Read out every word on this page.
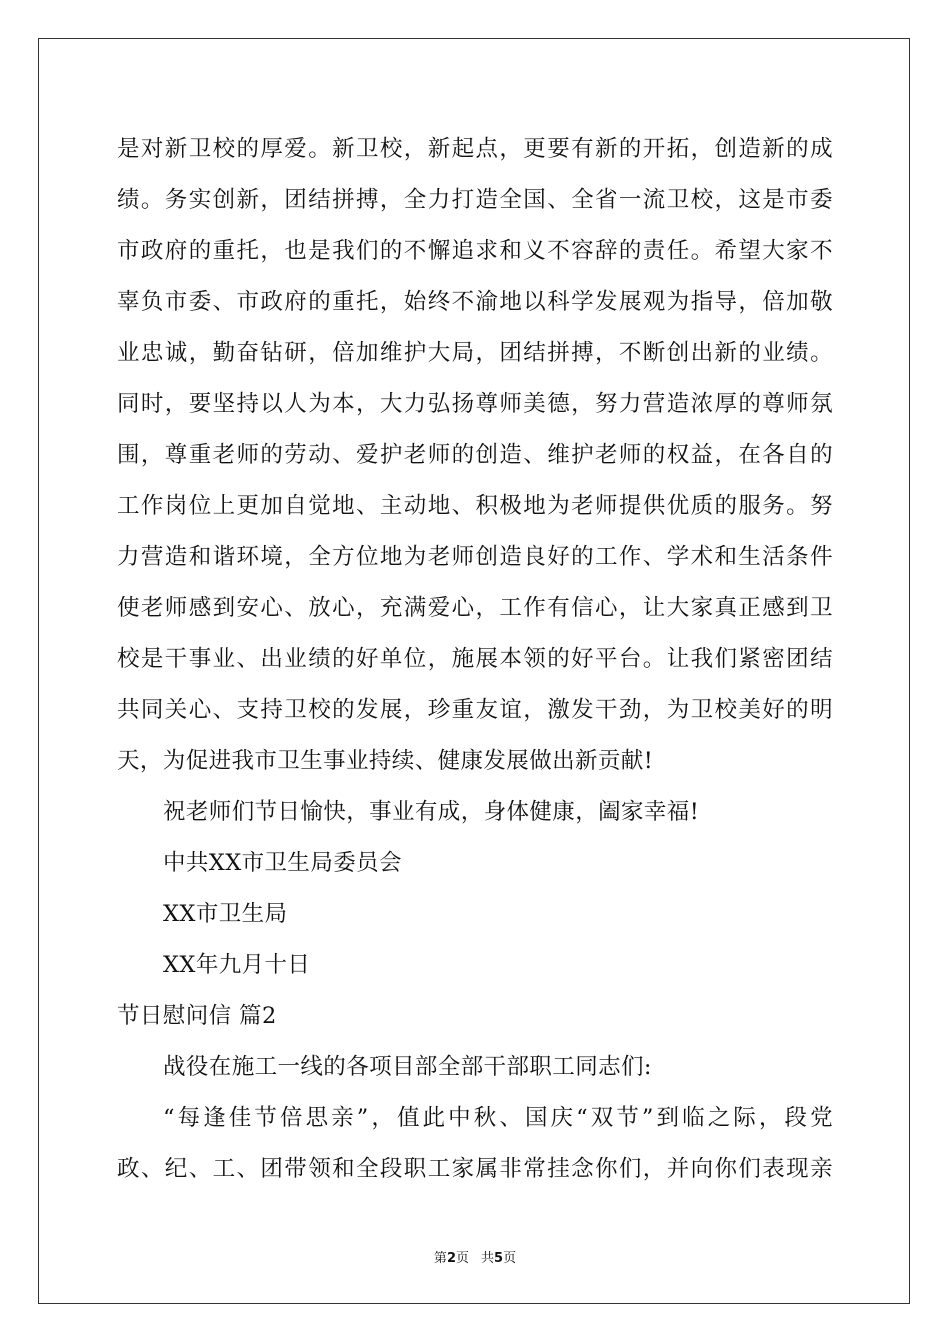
是对新卫校的厚爱。新卫校，新起点，更要有新的开拓，创造新的成
绩。务实创新，团结拼搏，全力打造全国、全省一流卫校，这是市委
市政府的重托，也是我们的不懈追求和义不容辞的责任。希望大家不
辜负市委、市政府的重托，始终不渝地以科学发展观为指导，倍加敬
业忠诚，勤奋钻研，倍加维护大局，团结拼搏，不断创出新的业绩。
同时，要坚持以人为本，大力弘扬尊师美德，努力营造浓厚的尊师氛
围，尊重老师的劳动、爱护老师的创造、维护老师的权益，在各自的
工作岗位上更加自觉地、主动地、积极地为老师提供优质的服务。努
力营造和谐环境，全方位地为老师创造良好的工作、学术和生活条件
使老师感到安心、放心，充满爱心，工作有信心，让大家真正感到卫
校是干事业、出业绩的好单位，施展本领的好平台。让我们紧密团结
共同关心、支持卫校的发展，珍重友谊，激发干劲，为卫校美好的明
天，为促进我市卫生事业持续、健康发展做出新贡献!
祝老师们节日愉快，事业有成，身体健康，阖家幸福!
中共XX市卫生局委员会
XX市卫生局
XX年九月十日
节日慰问信 篇2
战役在施工一线的各项目部全部干部职工同志们:
“每逢佳节倍思亲”，值此中秋、国庆“双节”到临之际，段党
政、纪、工、团带领和全段职工家属非常挂念你们，并向你们表现亲
第2页 共5页
